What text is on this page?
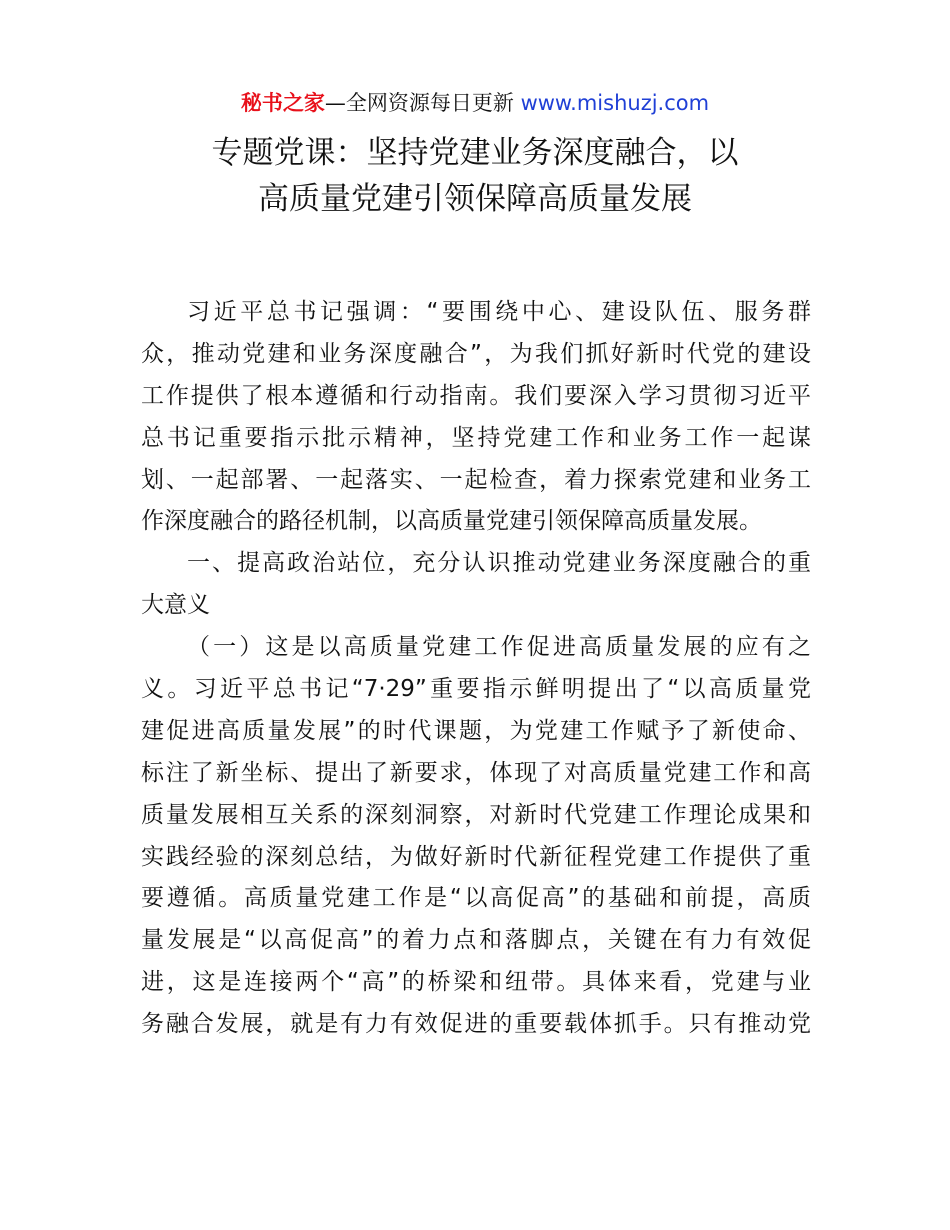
秘书之家—全网资源每日更新 www.mishuzj.com
专题党课：坚持党建业务深度融合，以
高质量党建引领保障高质量发展
习近平总书记强调：“要围绕中心、建设队伍、服务群
众，推动党建和业务深度融合”，为我们抓好新时代党的建设
工作提供了根本遵循和行动指南。我们要深入学习贯彻习近平
总书记重要指示批示精神，坚持党建工作和业务工作一起谋
划、一起部署、一起落实、一起检查，着力探索党建和业务工
作深度融合的路径机制，以高质量党建引领保障高质量发展。
一、提高政治站位，充分认识推动党建业务深度融合的重
大意义
（一）这是以高质量党建工作促进高质量发展的应有之
义。习近平总书记“7·29”重要指示鲜明提出了“以高质量党
建促进高质量发展”的时代课题，为党建工作赋予了新使命、
标注了新坐标、提出了新要求，体现了对高质量党建工作和高
质量发展相互关系的深刻洞察，对新时代党建工作理论成果和
实践经验的深刻总结，为做好新时代新征程党建工作提供了重
要遵循。高质量党建工作是“以高促高”的基础和前提，高质
量发展是“以高促高”的着力点和落脚点，关键在有力有效促
进，这是连接两个“高”的桥梁和纽带。具体来看，党建与业
务融合发展，就是有力有效促进的重要载体抓手。只有推动党
